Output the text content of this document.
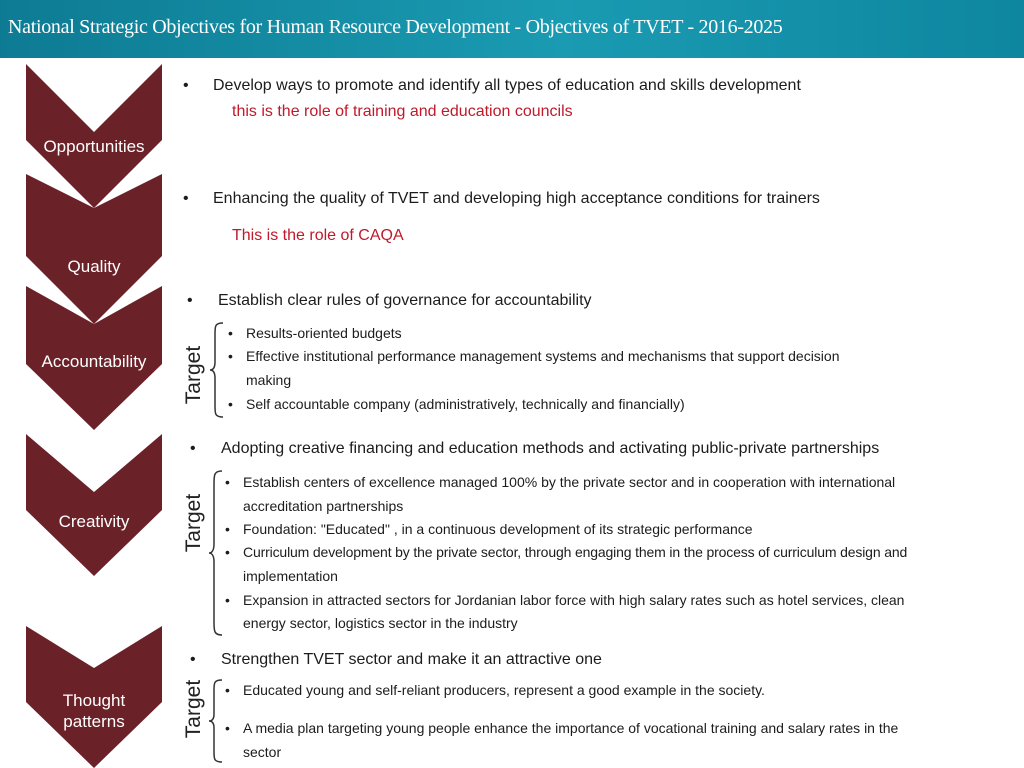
National Strategic Objectives for Human Resource Development - Objectives of TVET - 2016-2025
Opportunities
Quality
Accountability
Creativity
Thought
patterns
• Develop ways to promote and identify all types of education and skills development
this is the role of training and education councils
• Enhancing the quality of TVET and developing high acceptance conditions for trainers
This is the role of CAQA
• Establish clear rules of governance for accountability
Target
• Results-oriented budgets
• Effective institutional performance management systems and mechanisms that support decision
making
• Self accountable company (administratively, technically and financially)
• Adopting creative financing and education methods and activating public-private partnerships
Target
• Establish centers of excellence managed 100% by the private sector and in cooperation with international
accreditation partnerships
• Foundation: "Educated" , in a continuous development of its strategic performance
• Curriculum development by the private sector, through engaging them in the process of curriculum design and
implementation
• Expansion in attracted sectors for Jordanian labor force with high salary rates such as hotel services, clean
energy sector, logistics sector in the industry
• Strengthen TVET sector and make it an attractive one
Target • Educated young and self-reliant producers, represent a good example in the society.
• A media plan targeting young people enhance the importance of vocational training and salary rates in the
sector
